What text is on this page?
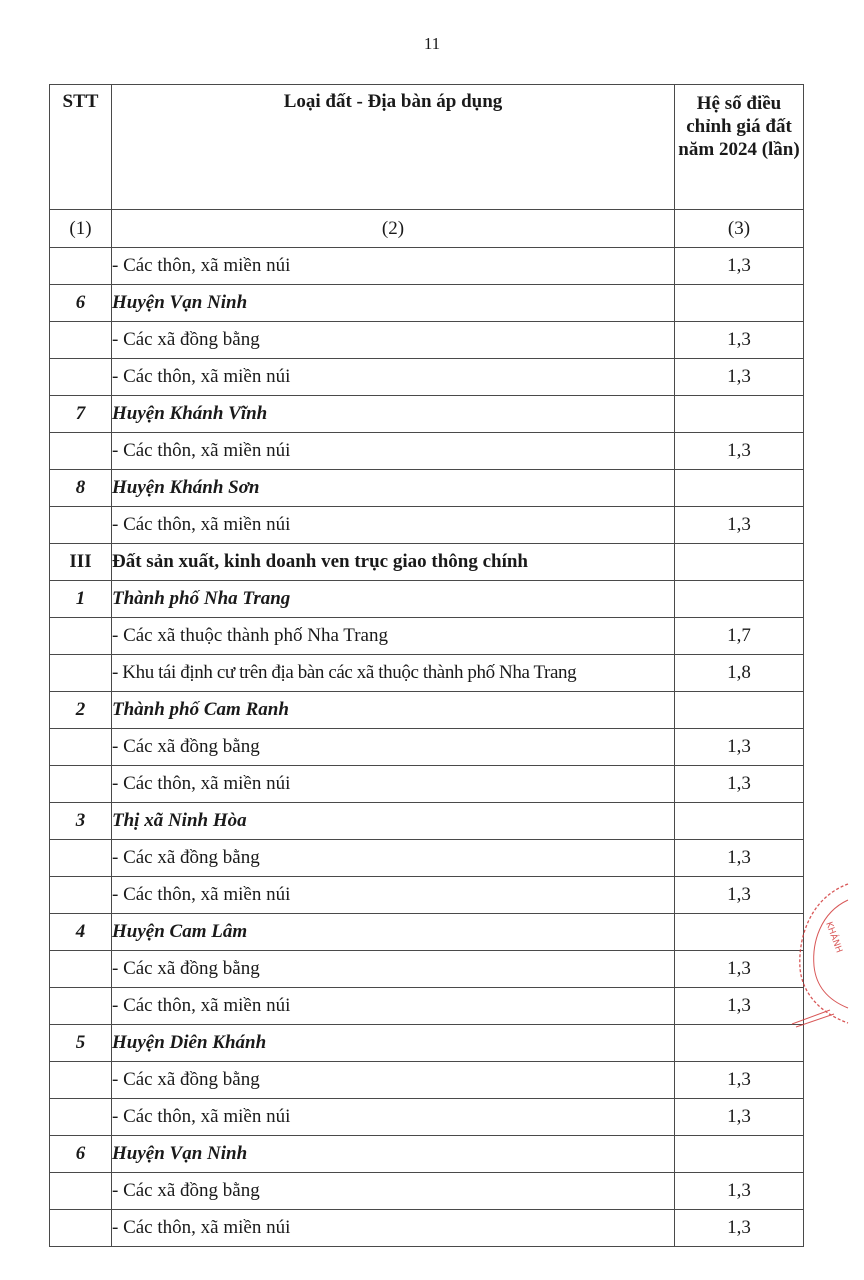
11
STT	Loại đất - Địa bàn áp dụng	Hệ số điều chỉnh giá đất năm 2024 (lần)
(1)	(2)	(3)
	- Các thôn, xã miền núi	1,3
6	Huyện Vạn Ninh	
	- Các xã đồng bằng	1,3
	- Các thôn, xã miền núi	1,3
7	Huyện Khánh Vĩnh	
	- Các thôn, xã miền núi	1,3
8	Huyện Khánh Sơn	
	- Các thôn, xã miền núi	1,3
III	Đất sản xuất, kinh doanh ven trục giao thông chính	
1	Thành phố Nha Trang	
	- Các xã thuộc thành phố Nha Trang	1,7
	- Khu tái định cư trên địa bàn các xã thuộc thành phố Nha Trang	1,8
2	Thành phố Cam Ranh	
	- Các xã đồng bằng	1,3
	- Các thôn, xã miền núi	1,3
3	Thị xã Ninh Hòa	
	- Các xã đồng bằng	1,3
	- Các thôn, xã miền núi	1,3
4	Huyện Cam Lâm	
	- Các xã đồng bằng	1,3
	- Các thôn, xã miền núi	1,3
5	Huyện Diên Khánh	
	- Các xã đồng bằng	1,3
	- Các thôn, xã miền núi	1,3
6	Huyện Vạn Ninh	
	- Các xã đồng bằng	1,3
	- Các thôn, xã miền núi	1,3
KHÁNH
